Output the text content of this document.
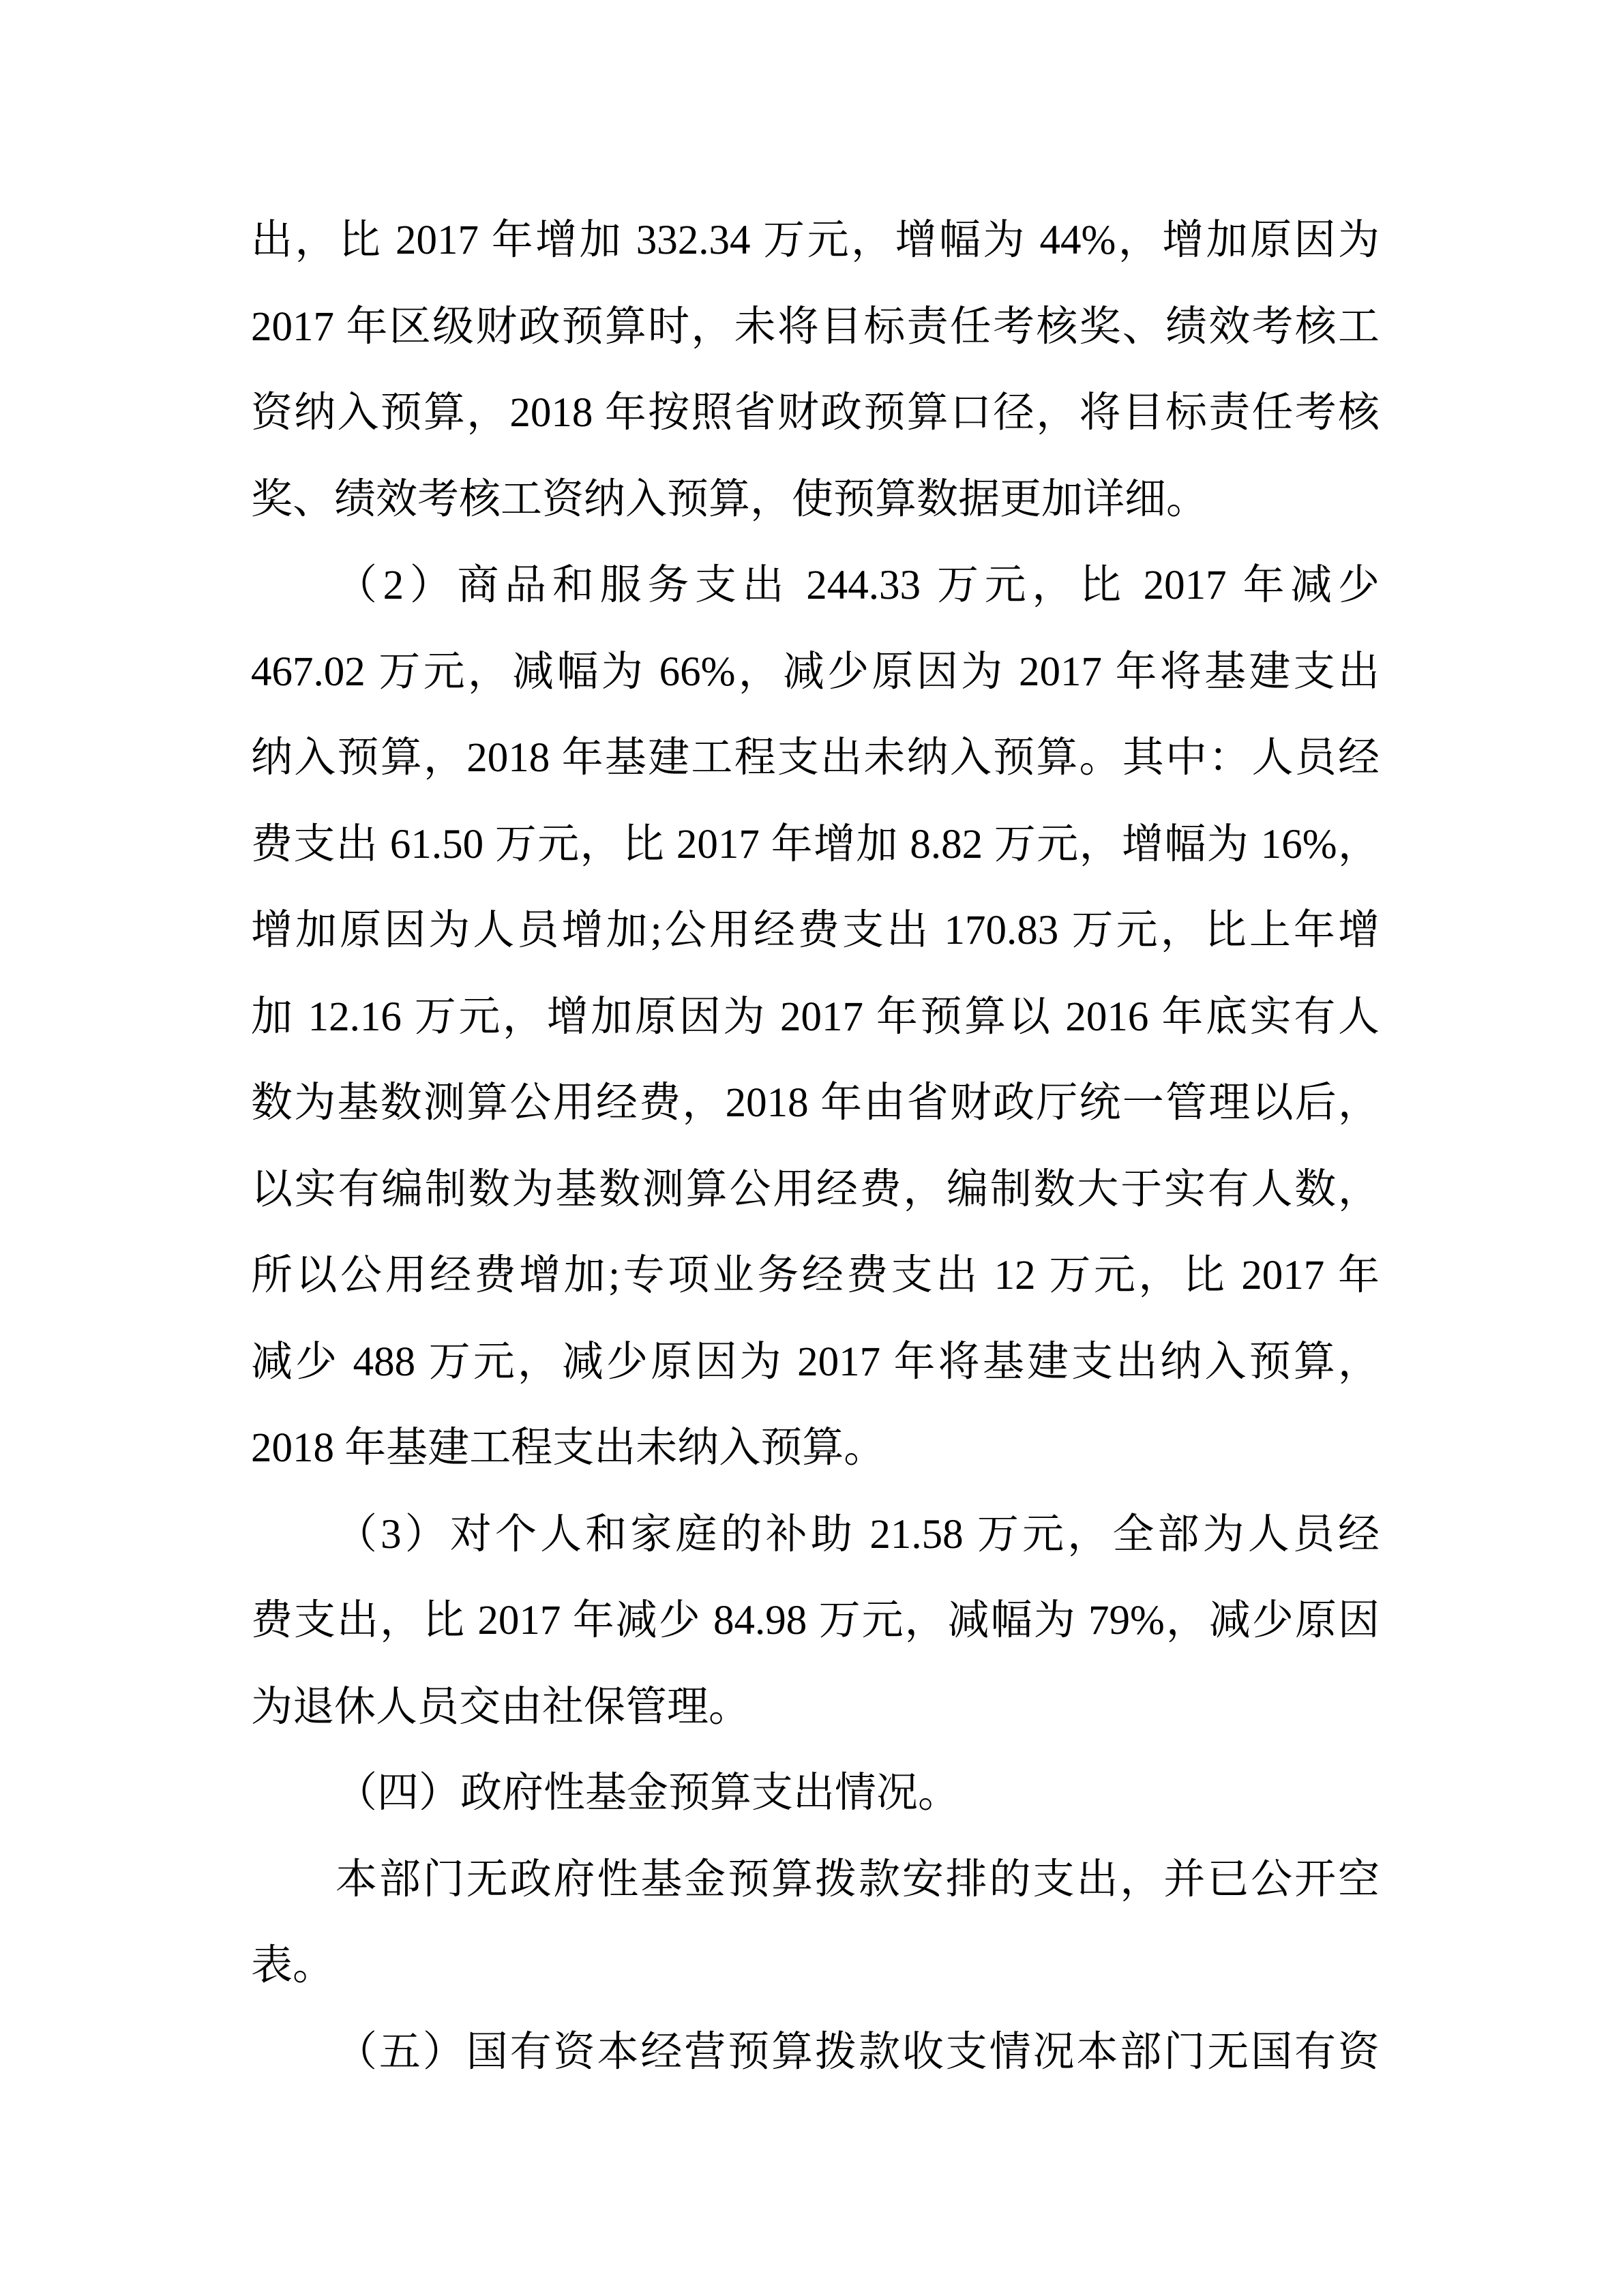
出，比 2017 年增加 332.34 万元，增幅为 44%，增加原因为
2017 年区级财政预算时，未将目标责任考核奖、绩效考核工
资纳入预算，2018 年按照省财政预算口径，将目标责任考核
奖、绩效考核工资纳入预算，使预算数据更加详细。
（2）商品和服务支出 244.33 万元，比 2017 年减少
467.02 万元，减幅为 66%，减少原因为 2017 年将基建支出
纳入预算，2018 年基建工程支出未纳入预算。其中：人员经
费支出 61.50 万元，比 2017 年增加 8.82 万元，增幅为 16%，
增加原因为人员增加;公用经费支出 170.83 万元，比上年增
加 12.16 万元，增加原因为 2017 年预算以 2016 年底实有人
数为基数测算公用经费，2018 年由省财政厅统一管理以后，
以实有编制数为基数测算公用经费，编制数大于实有人数，
所以公用经费增加;专项业务经费支出 12 万元，比 2017 年
减少 488 万元，减少原因为 2017 年将基建支出纳入预算，
2018 年基建工程支出未纳入预算。
（3）对个人和家庭的补助 21.58 万元，全部为人员经
费支出，比 2017 年减少 84.98 万元，减幅为 79%，减少原因
为退休人员交由社保管理。
（四）政府性基金预算支出情况。
本部门无政府性基金预算拨款安排的支出，并已公开空
表。
（五）国有资本经营预算拨款收支情况本部门无国有资
